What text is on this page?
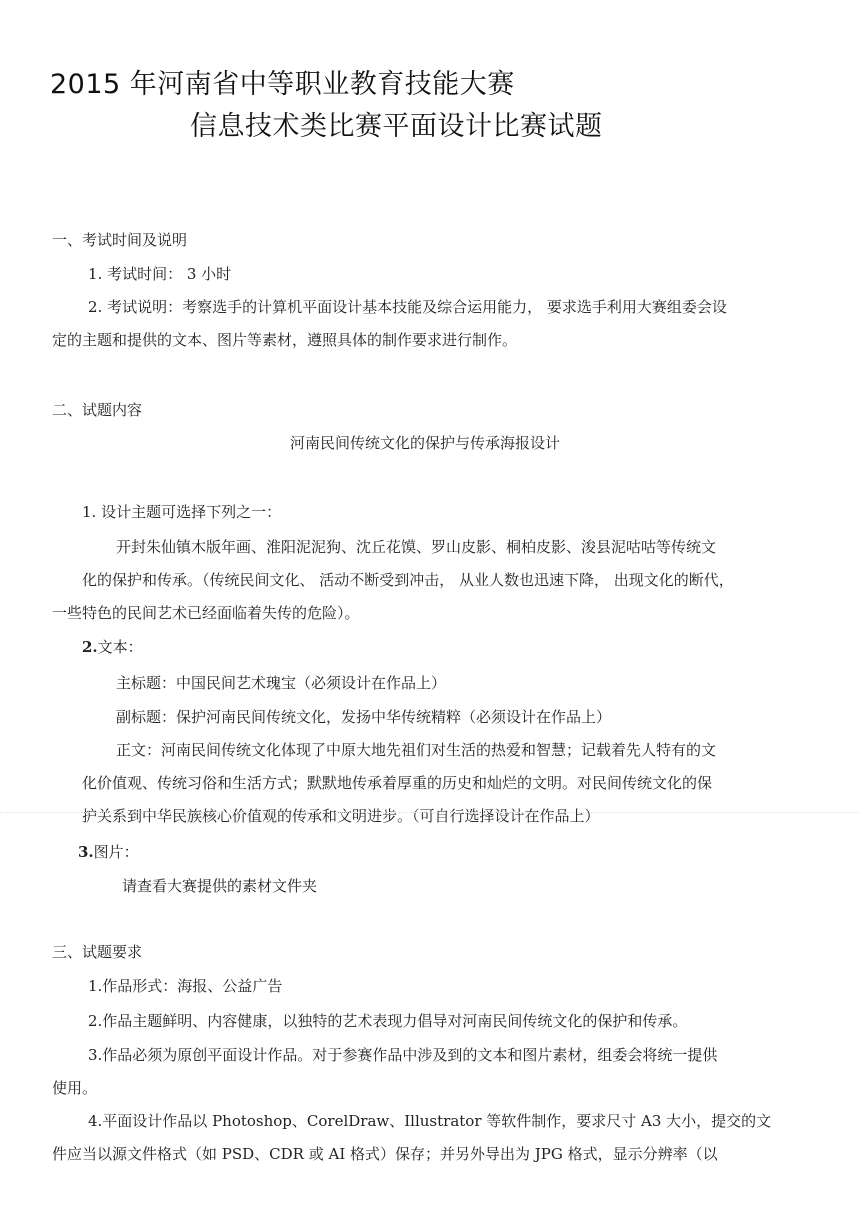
2015 年河南省中等职业教育技能大赛
信息技术类比赛平面设计比赛试题
一、考试时间及说明
1. 考试时间： 3 小时
2. 考试说明：考察选手的计算机平面设计基本技能及综合运用能力， 要求选手利用大赛组委会设
定的主题和提供的文本、图片等素材，遵照具体的制作要求进行制作。
二、试题内容
河南民间传统文化的保护与传承海报设计
1. 设计主题可选择下列之一：
开封朱仙镇木版年画、淮阳泥泥狗、沈丘花馍、罗山皮影、桐柏皮影、浚县泥咕咕等传统文
化的保护和传承。（传统民间文化、 活动不断受到冲击， 从业人数也迅速下降， 出现文化的断代，
一些特色的民间艺术已经面临着失传的危险）。
2.文本：
主标题：中国民间艺术瑰宝（必须设计在作品上）
副标题：保护河南民间传统文化，发扬中华传统精粹（必须设计在作品上）
正文：河南民间传统文化体现了中原大地先祖们对生活的热爱和智慧；记载着先人特有的文
化价值观、传统习俗和生活方式；默默地传承着厚重的历史和灿烂的文明。对民间传统文化的保
护关系到中华民族核心价值观的传承和文明进步。（可自行选择设计在作品上）
3.图片：
请查看大赛提供的素材文件夹
三、试题要求
1.作品形式：海报、公益广告
2.作品主题鲜明、内容健康，以独特的艺术表现力倡导对河南民间传统文化的保护和传承。
3.作品必须为原创平面设计作品。对于参赛作品中涉及到的文本和图片素材，组委会将统一提供
使用。
4.平面设计作品以 Photoshop、CorelDraw、Illustrator 等软件制作，要求尺寸 A3 大小，提交的文
件应当以源文件格式（如 PSD、CDR 或 AI 格式）保存；并另外导出为 JPG 格式，显示分辨率（以
